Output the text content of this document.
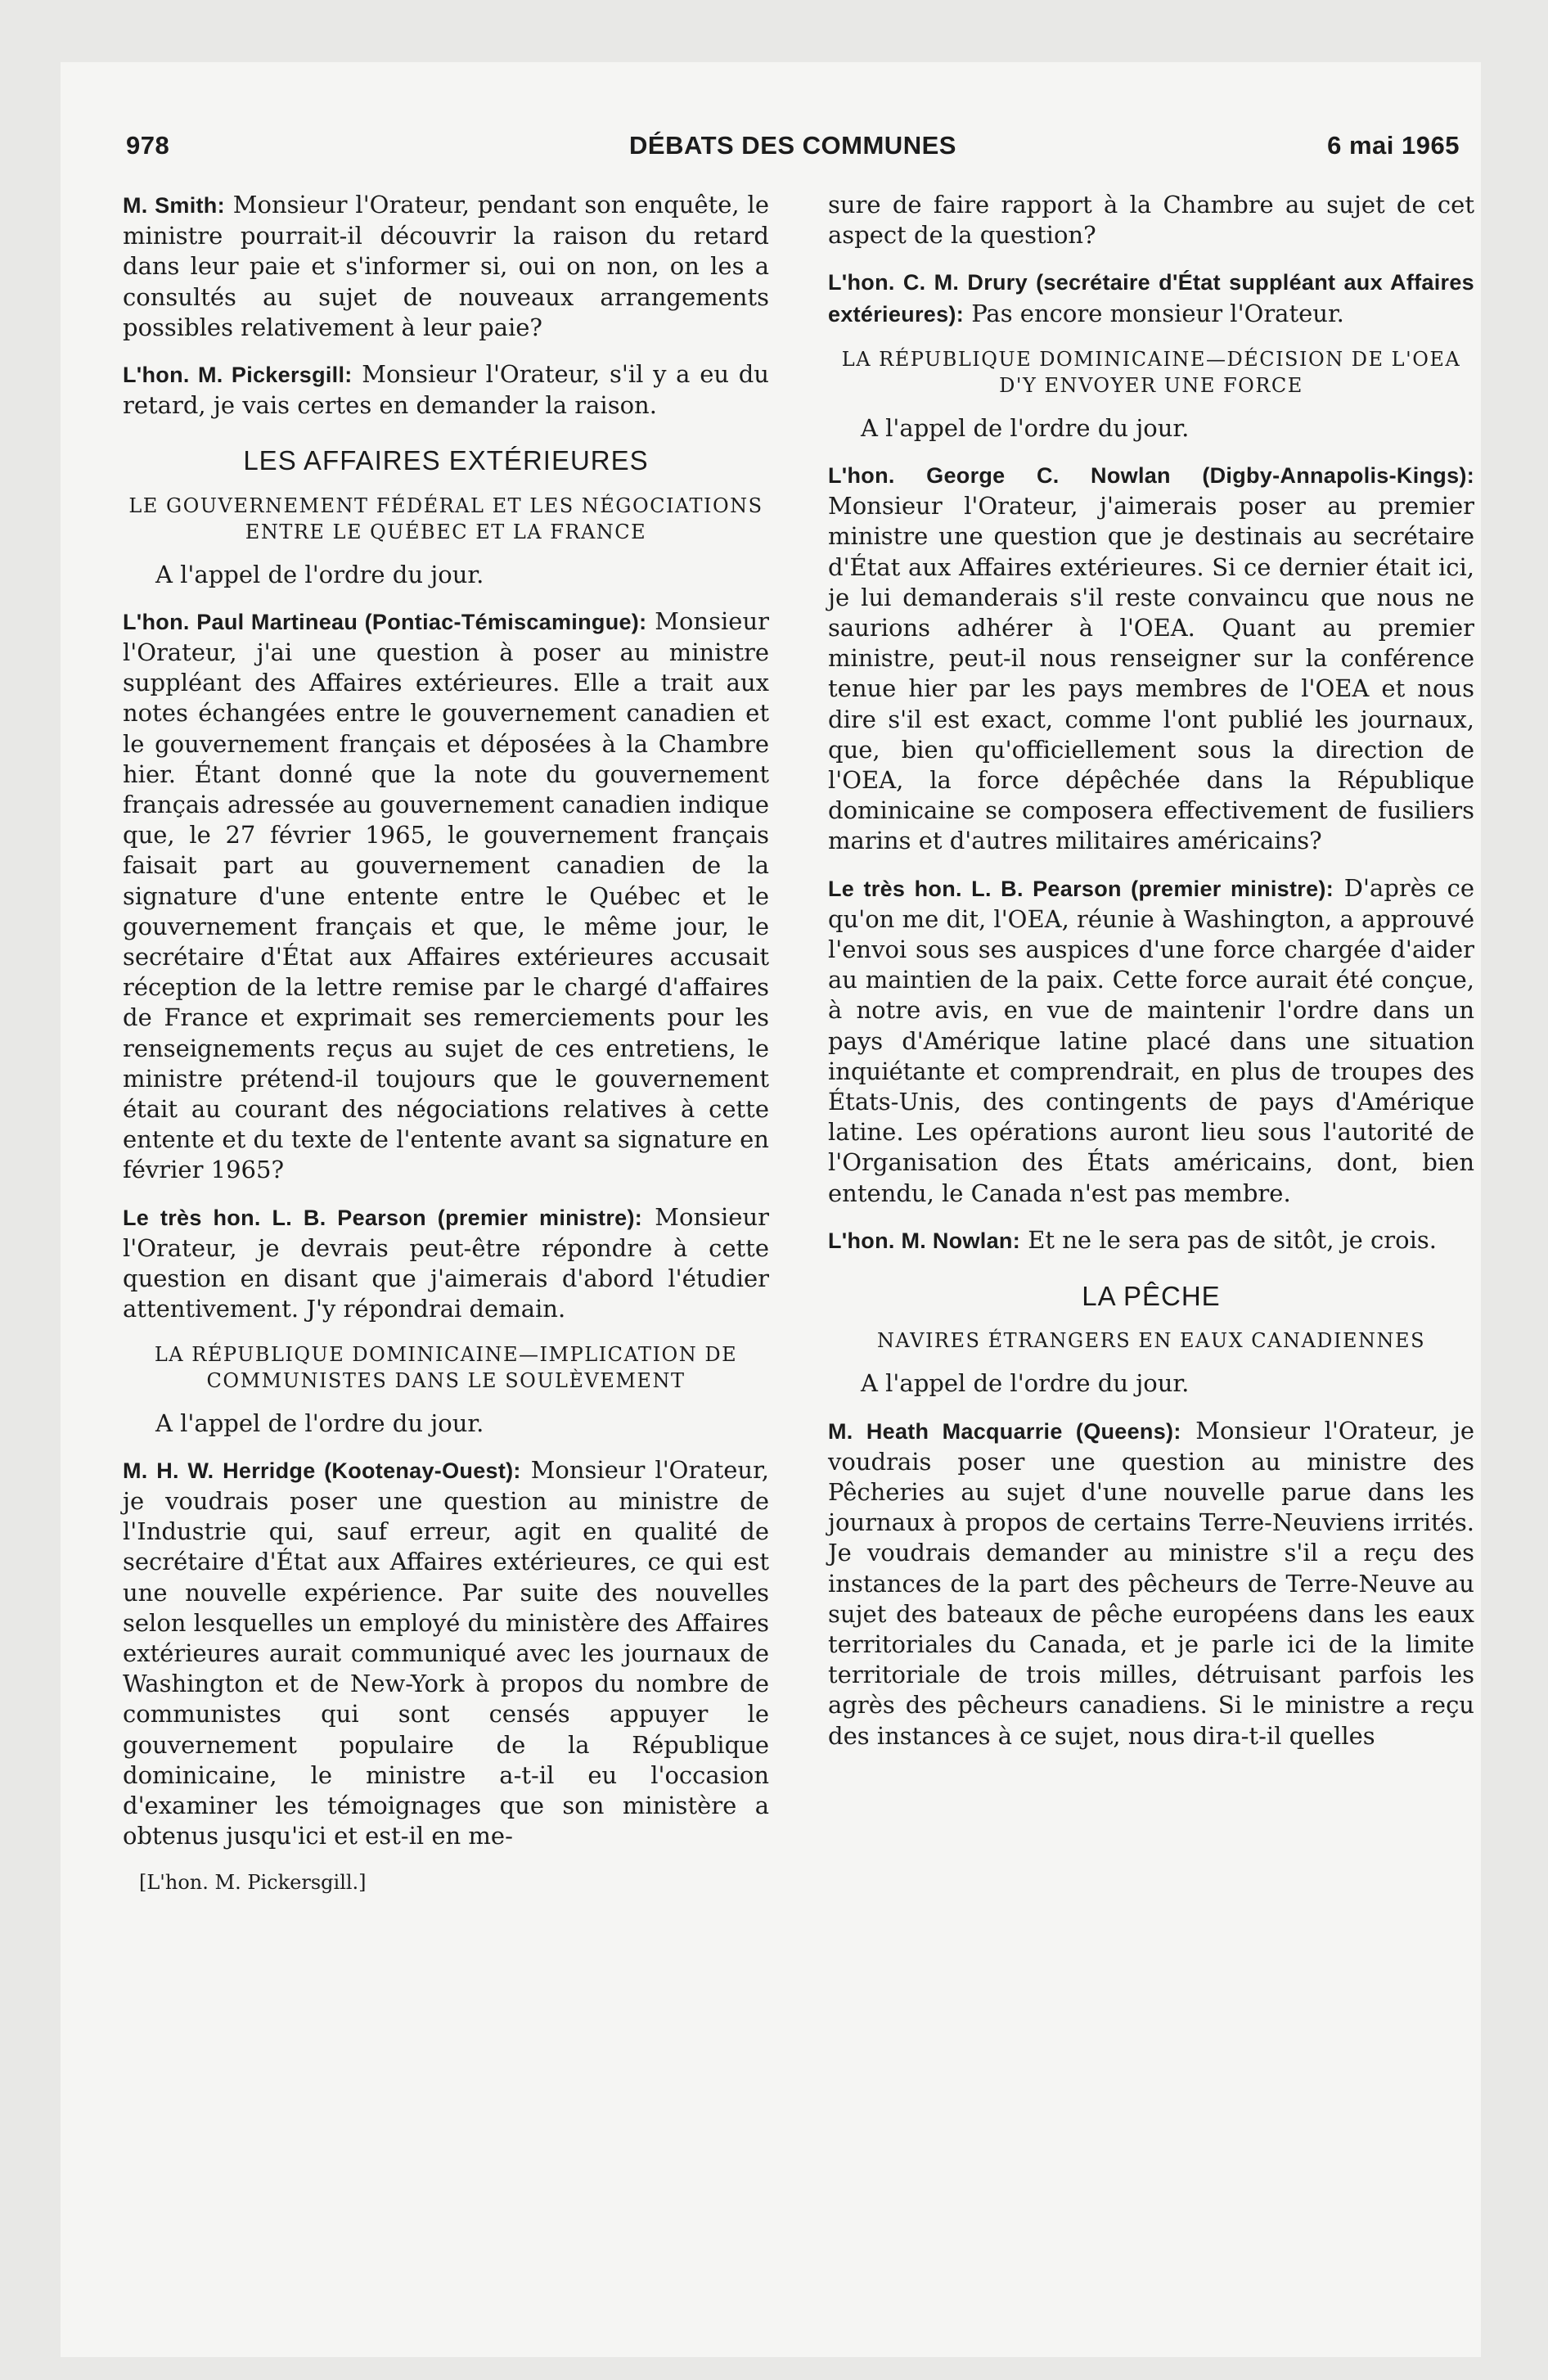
978	DÉBATS DES COMMUNES	6 mai 1965

M. Smith: Monsieur l'Orateur, pendant son enquête, le ministre pourrait-il découvrir la raison du retard dans leur paie et s'informer si, oui on non, on les a consultés au sujet de nouveaux arrangements possibles relativement à leur paie?

L'hon. M. Pickersgill: Monsieur l'Orateur, s'il y a eu du retard, je vais certes en demander la raison.

LES AFFAIRES EXTÉRIEURES
LE GOUVERNEMENT FÉDÉRAL ET LES NÉGOCIATIONS ENTRE LE QUÉBEC ET LA FRANCE

A l'appel de l'ordre du jour.

L'hon. Paul Martineau (Pontiac-Témiscamingue): Monsieur l'Orateur, j'ai une question à poser au ministre suppléant des Affaires extérieures. Elle a trait aux notes échangées entre le gouvernement canadien et le gouvernement français et déposées à la Chambre hier. Étant donné que la note du gouvernement français adressée au gouvernement canadien indique que, le 27 février 1965, le gouvernement français faisait part au gouvernement canadien de la signature d'une entente entre le Québec et le gouvernement français et que, le même jour, le secrétaire d'État aux Affaires extérieures accusait réception de la lettre remise par le chargé d'affaires de France et exprimait ses remerciements pour les renseignements reçus au sujet de ces entretiens, le ministre prétend-il toujours que le gouvernement était au courant des négociations relatives à cette entente et du texte de l'entente avant sa signature en février 1965?

Le très hon. L. B. Pearson (premier ministre): Monsieur l'Orateur, je devrais peut-être répondre à cette question en disant que j'aimerais d'abord l'étudier attentivement. J'y répondrai demain.

LA RÉPUBLIQUE DOMINICAINE—IMPLICATION DE COMMUNISTES DANS LE SOULÈVEMENT

A l'appel de l'ordre du jour.

M. H. W. Herridge (Kootenay-Ouest): Monsieur l'Orateur, je voudrais poser une question au ministre de l'Industrie qui, sauf erreur, agit en qualité de secrétaire d'État aux Affaires extérieures, ce qui est une nouvelle expérience. Par suite des nouvelles selon lesquelles un employé du ministère des Affaires extérieures aurait communiqué avec les journaux de Washington et de New-York à propos du nombre de communistes qui sont censés appuyer le gouvernement populaire de la République dominicaine, le ministre a-t-il eu l'occasion d'examiner les témoignages que son ministère a obtenus jusqu'ici et est-il en me-

[L'hon. M. Pickersgill.]

sure de faire rapport à la Chambre au sujet de cet aspect de la question?

L'hon. C. M. Drury (secrétaire d'État suppléant aux Affaires extérieures): Pas encore monsieur l'Orateur.

LA RÉPUBLIQUE DOMINICAINE—DÉCISION DE L'OEA D'Y ENVOYER UNE FORCE

A l'appel de l'ordre du jour.

L'hon. George C. Nowlan (Digby-Annapolis-Kings): Monsieur l'Orateur, j'aimerais poser au premier ministre une question que je destinais au secrétaire d'État aux Affaires extérieures. Si ce dernier était ici, je lui demanderais s'il reste convaincu que nous ne saurions adhérer à l'OEA. Quant au premier ministre, peut-il nous renseigner sur la conférence tenue hier par les pays membres de l'OEA et nous dire s'il est exact, comme l'ont publié les journaux, que, bien qu'officiellement sous la direction de l'OEA, la force dépêchée dans la République dominicaine se composera effectivement de fusiliers marins et d'autres militaires américains?

Le très hon. L. B. Pearson (premier ministre): D'après ce qu'on me dit, l'OEA, réunie à Washington, a approuvé l'envoi sous ses auspices d'une force chargée d'aider au maintien de la paix. Cette force aurait été conçue, à notre avis, en vue de maintenir l'ordre dans un pays d'Amérique latine placé dans une situation inquiétante et comprendrait, en plus de troupes des États-Unis, des contingents de pays d'Amérique latine. Les opérations auront lieu sous l'autorité de l'Organisation des États américains, dont, bien entendu, le Canada n'est pas membre.

L'hon. M. Nowlan: Et ne le sera pas de sitôt, je crois.

LA PÊCHE
NAVIRES ÉTRANGERS EN EAUX CANADIENNES

A l'appel de l'ordre du jour.

M. Heath Macquarrie (Queens): Monsieur l'Orateur, je voudrais poser une question au ministre des Pêcheries au sujet d'une nouvelle parue dans les journaux à propos de certains Terre-Neuviens irrités. Je voudrais demander au ministre s'il a reçu des instances de la part des pêcheurs de Terre-Neuve au sujet des bateaux de pêche européens dans les eaux territoriales du Canada, et je parle ici de la limite territoriale de trois milles, détruisant parfois les agrès des pêcheurs canadiens. Si le ministre a reçu des instances à ce sujet, nous dira-t-il quelles
